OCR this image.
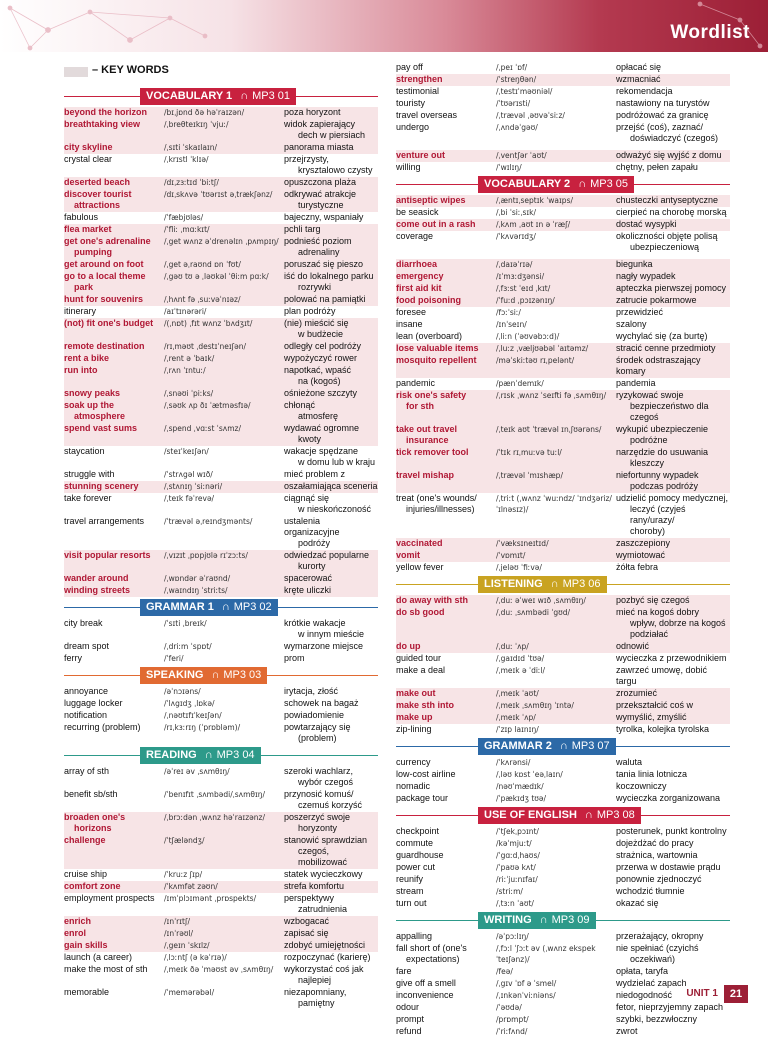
Wordlist
– KEY WORDS
VOCABULARY 1 ∩ MP3 01
beyond the horizon	/bɪˌjɒnd ðə həˈraɪzən/	poza horyzont
breathtaking view	/ˌbreθteɪkɪŋ ˈvjuː/	widok zapierający
dech w piersiach
city skyline	/ˌsɪti ˈskaɪlaɪn/	panorama miasta
crystal clear	/ˌkrɪstl ˈklɪə/	przejrzysty,
krysztalowo czysty
deserted beach	/dɪˌzɜːtɪd ˈbiːtʃ/	opuszczona plaża
discover tourist
attractions
/dɪˌskʌvə ˈtʊərɪst əˌtrækʃənz/	odkrywać atrakcje
turystyczne
fabulous	/ˈfæbjʊləs/	bajeczny, wspaniały
flea market	/ˈfliː ˌmɑːkɪt/	pchli targ
get one's adrenaline
pumping
/ˌget wʌnz əˈdrenəlɪn ˌpʌmpɪŋ/ podnieść poziom
adrenaliny
get around on foot	/ˌget əˌraʊnd ɒn ˈfʊt/	poruszać się pieszo
go to a local theme
park
/ˌgəʊ tʊ ə ˌləʊkəl ˈθiːm pɑːk/	iść do lokalnego parku
rozrywki
hunt for souvenirs	/ˌhʌnt fə ˌsuːvəˈnɪəz/	polować na pamiątki
itinerary	/aɪˈtɪnərəri/	plan podróży
(not) fit one's budget	/(ˌnɒt) ˌfɪt wʌnz ˈbʌdʒɪt/	(nie) mieścić się
w budżecie
remote destination	/rɪˌməʊt ˌdestɪˈneɪʃən/	odległy cel podróży
rent a bike	/ˌrent ə ˈbaɪk/	wypożyczyć rower
run into	/ˌrʌn ˈɪntuː/	napotkać, wpaść
na (kogoś)
snowy peaks	/ˌsnəʊi ˈpiːks/	ośnieżone szczyty
soak up the
atmosphere
/ˌsəʊk ʌp ðɪ ˈætməsfɪə/	chłonąć
atmosferę
spend vast sums	/ˌspend ˌvɑːst ˈsʌmz/	wydawać ogromne
kwoty
staycation	/steɪˈkeɪʃən/	wakacje spędzane
w domu lub w kraju
struggle with	/ˈstrʌgəl wɪð/	mieć problem z
stunning scenery	/ˌstʌnɪŋ ˈsiːnəri/	oszałamiająca sceneria
take forever	/ˌteɪk fəˈrevə/	ciągnąć się
w nieskończoność
travel arrangements	/ˈtrævəl əˌreɪndʒmənts/	ustalenia organizacyjne
podróży
visit popular resorts	/ˌvɪzɪt ˌpɒpjʊlə rɪˈzɔːts/	odwiedzać popularne
kurorty
wander around	/ˌwɒndər əˈraʊnd/	spacerować
winding streets	/ˌwaɪndɪŋ ˈstriːts/	kręte uliczki
GRAMMAR 1 ∩ MP3 02
city break	/ˈsɪti ˌbreɪk/	krótkie wakacje
w innym mieście
dream spot	/ˌdriːm ˈspɒt/	wymarzone miejsce
ferry	/ˈferi/	prom
SPEAKING ∩ MP3 03
annoyance	/əˈnɔɪəns/	irytacja, złość
luggage locker	/ˈlʌgɪdʒ ˌlɒkə/	schowek na bagaż
notification	/ˌnəʊtɪfɪˈkeɪʃən/	powiadomienie
recurring (problem)	/rɪˌkɜːrɪŋ (ˈprɒbləm)/	powtarzający się
(problem)
READING ∩ MP3 04
array of sth	/əˈreɪ əv ˌsʌmθɪŋ/	szeroki wachlarz,
wybór czegoś
benefit sb/sth	/ˈbenɪfɪt ˌsʌmbədi/ˌsʌmθɪŋ/	przynosić komuś/
czemuś korzyść
broaden one's
horizons
/ˌbrɔːdən ˌwʌnz həˈraɪzənz/	poszerzyć swoje
horyzonty
challenge	/ˈtʃæləndʒ/	stanowić sprawdzian
czegoś, mobilizować
cruise ship	/ˈkruːz ʃɪp/	statek wycieczkowy
comfort zone	/ˈkʌmfət zəʊn/	strefa komfortu
employment prospects	/ɪmˈplɔɪmənt ˌprɒspekts/	perspektywy
zatrudnienia
enrich	/ɪnˈrɪtʃ/	wzbogacać
enrol	/ɪnˈrəʊl/	zapisać się
gain skills	/ˌgeɪn ˈskɪlz/	zdobyć umiejętności
launch (a career)	/ˌlɔːntʃ (ə kəˈrɪə)/	rozpoczynać (karierę)
make the most of sth	/ˌmeɪk ðə ˈməʊst əv ˌsʌmθɪŋ/	wykorzystać coś jak
najlepiej
memorable	/ˈmemərəbəl/	niezapomniany,
pamiętny
pay off	/ˌpeɪ ˈɒf/	opłacać się
strengthen	/ˈstreŋθən/	wzmacniać
testimonial	/ˌtestɪˈməʊniəl/	rekomendacja
touristy	/ˈtʊərɪsti/	nastawiony na turystów
travel overseas	/ˌtrævəl ˌəʊvəˈsiːz/	podróżować za granicę
undergo	/ˌʌndəˈgəʊ/	przejść (coś), zaznać/
doświadczyć (czegoś)
venture out	/ˌventʃər ˈaʊt/	odważyć się wyjść z domu
willing	/ˈwɪlɪŋ/	chętny, pełen zapału
VOCABULARY 2 ∩ MP3 05
antiseptic wipes	/ˌæntɪˌseptɪk ˈwaɪps/	chusteczki antyseptyczne
be seasick	/ˌbi ˈsiːˌsɪk/	cierpieć na chorobę morską
come out in a rash	/ˌkʌm ˌaʊt ɪn ə ˈræʃ/	dostać wysypki
coverage	/ˈkʌvərɪdʒ/	okoliczności objęte polisą
ubezpieczeniową
diarrhoea	/ˌdaɪəˈrɪə/	biegunka
emergency	/ɪˈmɜːdʒənsi/	nagły wypadek
first aid kit	/ˌfɜːst ˈeɪd ˌkɪt/	apteczka pierwszej pomocy
food poisoning	/ˈfuːd ˌpɔɪzənɪŋ/	zatrucie pokarmowe
foresee	/fɔːˈsiː/	przewidzieć
insane	/ɪnˈseɪn/	szalony
lean (overboard)	/ˌliːn (ˈəʊvəbɔːd)/	wychylać się (za burtę)
lose valuable items	/ˌluːz ˌvæljʊəbəl ˈaɪtəmz/	stracić cenne przedmioty
mosquito repellent	/məˈskiːtəʊ rɪˌpelənt/	środek odstraszający komary
pandemic	/pænˈdemɪk/	pandemia
risk one's safety
for sth
/ˌrɪsk ˌwʌnz ˈseɪfti fə ˌsʌmθɪŋ/	ryzykować swoje
bezpieczeństwo dla czegoś
take out travel
insurance
/ˌteɪk aʊt ˈtrævəl ɪnˌʃʊərəns/	wykupić ubezpieczenie
podróżne
tick remover tool	/ˈtɪk rɪˌmuːvə tuːl/	narzędzie do usuwania
kleszczy
travel mishap	/ˌtrævəl ˈmɪshæp/	niefortunny wypadek
podczas podróży
treat (one's wounds/
injuries/illnesses)
/ˌtriːt (ˌwʌnz ˈwuːndz/ ˈɪndʒəriz/ˈɪlnəsɪz)/
udzielić pomocy medycznej,
leczyć (czyjeś rany/urazy/
choroby)
vaccinated	/ˈvæksɪneɪtɪd/	zaszczepiony
vomit	/ˈvɒmɪt/	wymiotować
yellow fever	/ˌjeləʊ ˈfiːvə/	żółta febra
LISTENING ∩ MP3 06
do away with sth	/ˌduː əˈweɪ wɪð ˌsʌmθɪŋ/	pozbyć się czegoś
do sb good	/ˌduː ˌsʌmbədi ˈgʊd/	mieć na kogoś dobry
wpływ, dobrze na kogoś
podziałać
do up	/ˌduː ˈʌp/	odnowić
guided tour	/ˌgaɪdɪd ˈtʊə/	wycieczka z przewodnikiem
make a deal	/ˌmeɪk ə ˈdiːl/	zawrzeć umowę, dobić targu
make out	/ˌmeɪk ˈaʊt/	zrozumieć
make sth into	/ˌmeɪk ˌsʌmθɪŋ ˈɪntə/	przekształcić coś w
make up	/ˌmeɪk ˈʌp/	wymyślić, zmyślić
zip-lining	/ˈzɪp laɪnɪŋ/	tyrolka, kolejka tyrolska
GRAMMAR 2 ∩ MP3 07
currency	/ˈkʌrənsi/	waluta
low-cost airline	/ˌləʊ kɒst ˈeəˌlaɪn/	tania linia lotnicza
nomadic	/nəʊˈmædɪk/	koczowniczy
package tour	/ˈpækɪdʒ tʊə/	wycieczka zorganizowana
USE OF ENGLISH ∩ MP3 08
checkpoint	/ˈtʃekˌpɔɪnt/	posterunek, punkt kontrolny
commute	/kəˈmjuːt/	dojeżdżać do pracy
guardhouse	/ˈgɑːdˌhaʊs/	strażnica, wartownia
power cut	/ˈpaʊə kʌt/	przerwa w dostawie prądu
reunify	/riːˈjuːnɪfaɪ/	ponownie zjednoczyć
stream	/striːm/	wchodzić tłumnie
turn out	/ˌtɜːn ˈaʊt/	okazać się
WRITING ∩ MP3 09
appalling	/əˈpɔːlɪŋ/	przerażający, okropny
fall short of (one's
expectations)
/ˌfɔːl ˈʃɔːt əv (ˌwʌnz ekspekˈteɪʃənz)/
nie spełniać (czyichś
oczekiwań)
fare	/feə/	opłata, taryfa
give off a smell	/ˌgɪv ˈɒf ə ˈsmel/	wydzielać zapach
inconvenience	/ˌɪnkənˈviːniəns/	niedogodność
odour	/ˈəʊdə/	fetor, nieprzyjemny zapach
prompt	/prɒmpt/	szybki, bezzwłoczny
refund	/ˈriːfʌnd/	zwrot
UNIT 1	21
